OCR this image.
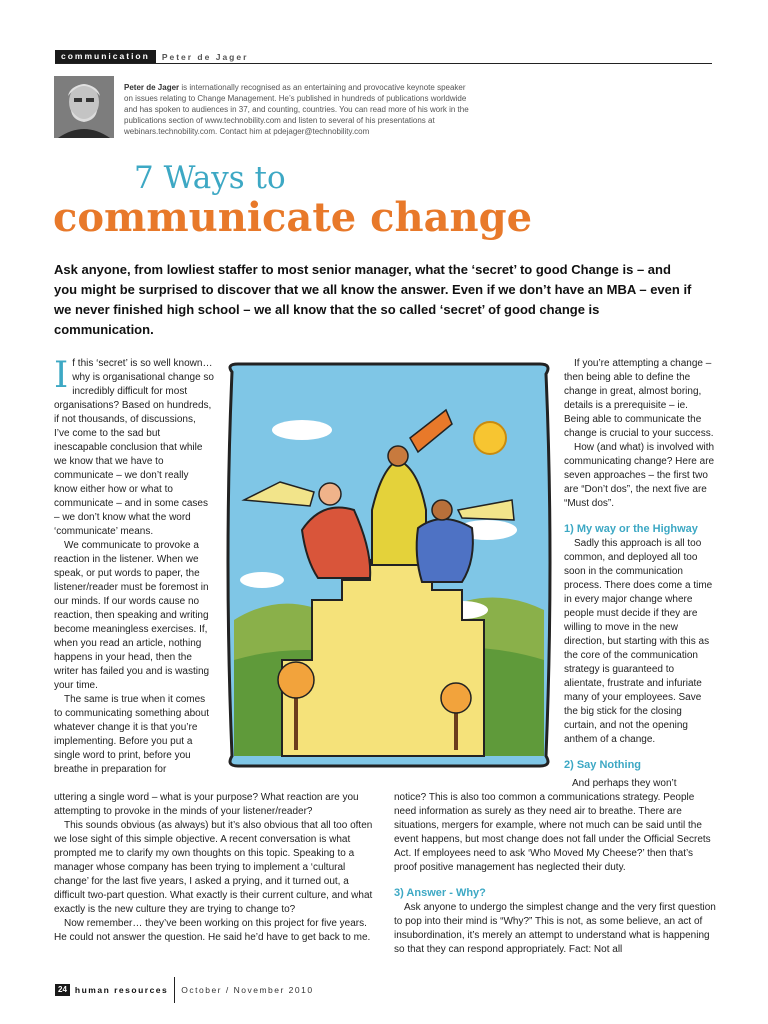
communication	Peter de Jager
Peter de Jager is internationally recognised as an entertaining and provocative keynote speaker on issues relating to Change Management. He’s published in hundreds of publications worldwide and has spoken to audiences in 37, and counting, countries. You can read more of his work in the publications section of www.technobility.com and listen to several of his presentations at webinars.technobility.com. Contact him at pdejager@technobility.com
7 Ways to
communicate change
Ask anyone, from lowliest staffer to most senior manager, what the ‘secret’ to good Change is – and you might be surprised to discover that we all know the answer. Even if we don’t have an MBA – even if we never finished high school – we all know that the so called ‘secret’ of good change is communication.

If this ‘secret’ is so well known… why is organisational change so incredibly difficult for most organisations? Based on hundreds, if not thousands, of discussions, I’ve come to the sad but inescapable conclusion that while we know that we have to communicate – we don’t really know either how or what to communicate – and in some cases – we don’t know what the word ‘communicate’ means.

We communicate to provoke a reaction in the listener. When we speak, or put words to paper, the listener/reader must be foremost in our minds. If our words cause no reaction, then speaking and writing become meaningless exercises. If, when you read an article, nothing happens in your head, then the writer has failed you and is wasting your time.

The same is true when it comes to communicating something about whatever change it is that you’re implementing. Before you put a single word to print, before you breathe in preparation for

uttering a single word – what is your purpose? What reaction are you attempting to provoke in the minds of your listener/reader?

This sounds obvious (as always) but it’s also obvious that all too often we lose sight of this simple objective. A recent conversation is what prompted me to clarify my own thoughts on this topic. Speaking to a manager whose company has been trying to implement a ‘cultural change’ for the last five years, I asked a prying, and it turned out, a difficult two-part question. What exactly is their current culture, and what exactly is the new culture they are trying to change to?

Now remember… they’ve been working on this project for five years. He could not answer the question. He said he’d have to get back to me.

If you’re attempting a change – then being able to define the change in great, almost boring, details is a prerequisite – ie. Being able to communicate the change is crucial to your success.

How (and what) is involved with communicating change? Here are seven approaches – the first two are “Don’t dos”, the next five are “Must dos”.

1) My way or the Highway

Sadly this approach is all too common, and deployed all too soon in the communication process. There does come a time in every major change where people must decide if they are willing to move in the new direction, but starting with this as the core of the communication strategy is guaranteed to alientate, frustrate and infuriate many of your employees. Save the big stick for the closing curtain, and not the opening anthem of a change.

2) Say Nothing

And perhaps they won’t

notice? This is also too common a communications strategy. People need information as surely as they need air to breathe. There are situations, mergers for example, where not much can be said until the event happens, but most change does not fall under the Official Secrets Act. If employees need to ask ‘Who Moved My Cheese?’ then that’s proof positive management has neglected their duty.

3) Answer - Why?

Ask anyone to undergo the simplest change and the very first question to pop into their mind is “Why?” This is not, as some believe, an act of insubordination, it’s merely an attempt to understand what is happening so that they can respond appropriately. Fact: Not all

24 human resources October / November 2010
